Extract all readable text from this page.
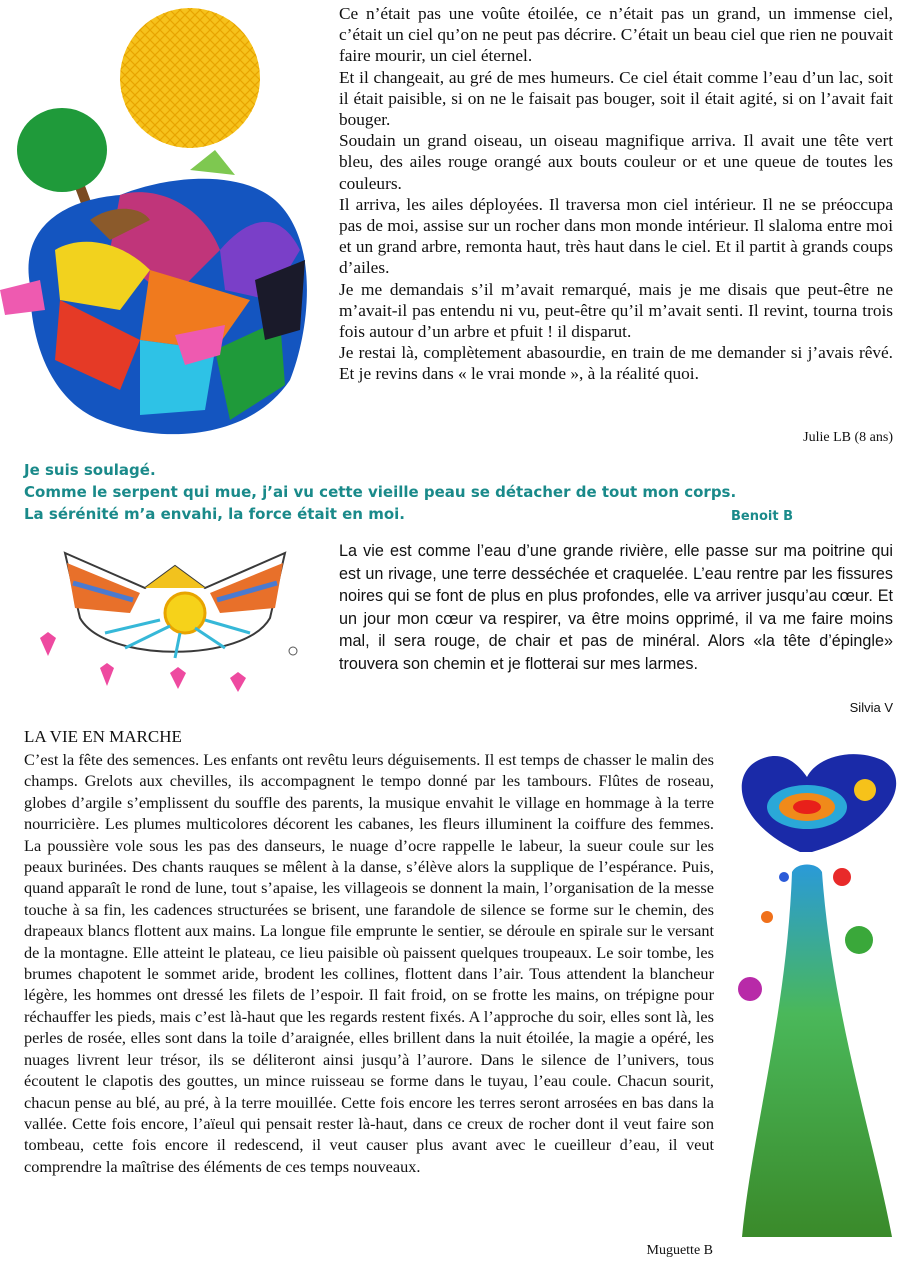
Ce n’était pas une voûte étoilée, ce n’était pas un grand, un immense ciel, c’était un ciel qu’on ne peut pas décrire. C’était un beau ciel que rien ne pouvait faire mourir, un ciel éternel.

Et il changeait, au gré de mes humeurs. Ce ciel était comme l’eau d’un lac, soit il était paisible, si on ne le faisait pas bouger, soit il était agité, si on l’avait fait bouger.

Soudain un grand oiseau, un oiseau magnifique arriva. Il avait une tête vert bleu, des ailes rouge orangé aux bouts couleur or et une queue de toutes les couleurs.

Il arriva, les ailes déployées. Il traversa mon ciel intérieur. Il ne se préoccupa pas de moi, assise sur un rocher dans mon monde intérieur. Il slaloma entre moi et un grand arbre, remonta haut, très haut dans le ciel. Et il partit à grands coups d’ailes.

Je me demandais s’il m’avait remarqué, mais je me disais que peut-être ne m’avait-il pas entendu ni vu, peut-être qu’il m’avait senti. Il revint, tourna trois fois autour d’un arbre et pfuit ! il disparut.

Je restai là, complètement abasourdie, en train de me demander si j’avais rêvé. Et je revins dans « le vrai monde », à la réalité quoi.

Julie LB (8 ans)
Je suis soulagé.
Comme le serpent qui mue, j’ai vu cette vieille peau se détacher de tout mon corps.
La sérénité m’a envahi, la force était en moi.	Benoit B
La vie est comme l’eau d’une grande rivière, elle passe sur ma poitrine qui est un rivage, une terre desséchée et craquelée. L’eau rentre par les fissures noires qui se font de plus en plus profondes, elle va arriver jusqu’au cœur. Et un jour mon cœur va respirer, va être moins opprimé, il va me faire moins mal, il sera rouge, de chair et pas de minéral. Alors «la tête d’épingle» trouvera son chemin et je flotterai sur mes larmes.
Silvia V
LA VIE EN MARCHE
C’est la fête des semences. Les enfants ont revêtu leurs déguisements. Il est temps de chasser le malin des champs. Grelots aux chevilles, ils accompagnent le tempo donné par les tambours. Flûtes de roseau, globes d’argile s’emplissent du souffle des parents, la musique envahit le village en hommage à la terre nourricière. Les plumes multicolores décorent les cabanes, les fleurs illuminent la coiffure des femmes. La poussière vole sous les pas des danseurs, le nuage d’ocre rappelle le labeur, la sueur coule sur les peaux burinées. Des chants rauques se mêlent à la danse, s’élève alors la supplique de l’espérance. Puis, quand apparaît le rond de lune, tout s’apaise, les villageois se donnent la main, l’organisation de la messe touche à sa fin, les cadences structurées se brisent, une farandole de silence se forme sur le chemin, des drapeaux blancs flottent aux mains. La longue file emprunte le sentier, se déroule en spirale sur le versant de la montagne. Elle atteint le plateau, ce lieu paisible où paissent quelques troupeaux. Le soir tombe, les brumes chapotent le sommet aride, brodent les collines, flottent dans l’air. Tous attendent la blancheur légère, les hommes ont dressé les filets de l’espoir. Il fait froid, on se frotte les mains, on trépigne pour réchauffer les pieds, mais c’est là-haut que les regards restent fixés. A l’approche du soir, elles sont là, les perles de rosée, elles sont dans la toile d’araignée, elles brillent dans la nuit étoilée, la magie a opéré, les nuages livrent leur trésor, ils se déliteront ainsi jusqu’à l’aurore. Dans le silence de l’univers, tous écoutent le clapotis des gouttes, un mince ruisseau se forme dans le tuyau, l’eau coule. Chacun sourit, chacun pense au blé, au pré, à la terre mouillée. Cette fois encore les terres seront arrosées en bas dans la vallée. Cette fois encore, l’aïeul qui pensait rester là-haut, dans ce creux de rocher dont il veut faire son tombeau, cette fois encore il redescend, il veut causer plus avant avec le cueilleur d’eau, il veut comprendre la maîtrise des éléments de ces temps nouveaux.
Muguette B
